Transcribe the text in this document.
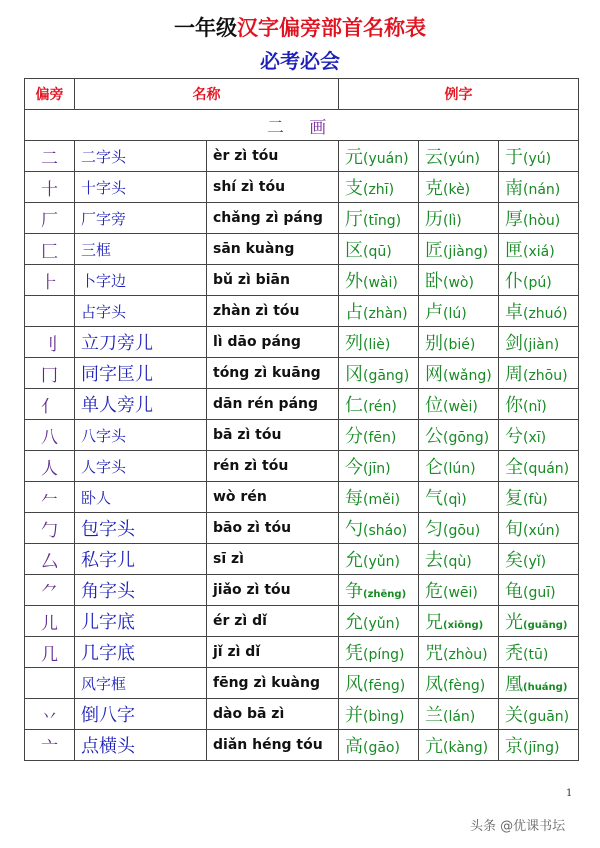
一年级汉字偏旁部首名称表
必考必会
偏旁	名称		例字		
二 画					
二	二字头	èr zì tóu	元(yuán)	云(yún)	于(yú)
十	十字头	shí zì tóu	支(zhī)	克(kè)	南(nán)
厂	厂字旁	chǎng zì páng	厅(tīng)	历(lì)	厚(hòu)
匚	三框	sān kuàng	区(qū)	匠(jiàng)	匣(xiá)
⺊	卜字边	bǔ zì biān	外(wài)	卧(wò)	仆(pú)
	占字头	zhàn zì tóu	占(zhàn)	卢(lú)	卓(zhuó)
刂	立刀旁儿	lì dāo páng	列(liè)	别(bié)	剑(jiàn)
冂	同字匡儿	tóng zì kuāng	冈(gāng)	网(wǎng)	周(zhōu)
亻	单人旁儿	dān rén páng	仁(rén)	位(wèi)	你(nǐ)
八	八字头	bā zì tóu	分(fēn)	公(gōng)	兮(xī)
人	人字头	rén zì tóu	今(jīn)	仑(lún)	全(quán)
𠂉	卧人	wò rén	每(měi)	气(qì)	复(fù)
勹	包字头	bāo zì tóu	勺(sháo)	匀(gōu)	旬(xún)
厶	私字儿	sī zì	允(yǔn)	去(qù)	矣(yǐ)
⺈	角字头	jiǎo zì tóu	争(zhēng)	危(wēi)	龟(guī)
儿	儿字底	ér zì dǐ	允(yǔn)	兄(xiōng)	光(guāng)
几	几字底	jǐ zì dǐ	凭(píng)	咒(zhòu)	秃(tū)
	风字框	fēng zì kuàng	风(fēng)	凤(fèng)	凰(huáng)
丷	倒八字	dào bā zì	并(bìng)	兰(lán)	关(guān)
亠	点横头	diǎn héng tóu	高(gāo)	亢(kàng)	京(jīng)
1
头条 @优课书坛
